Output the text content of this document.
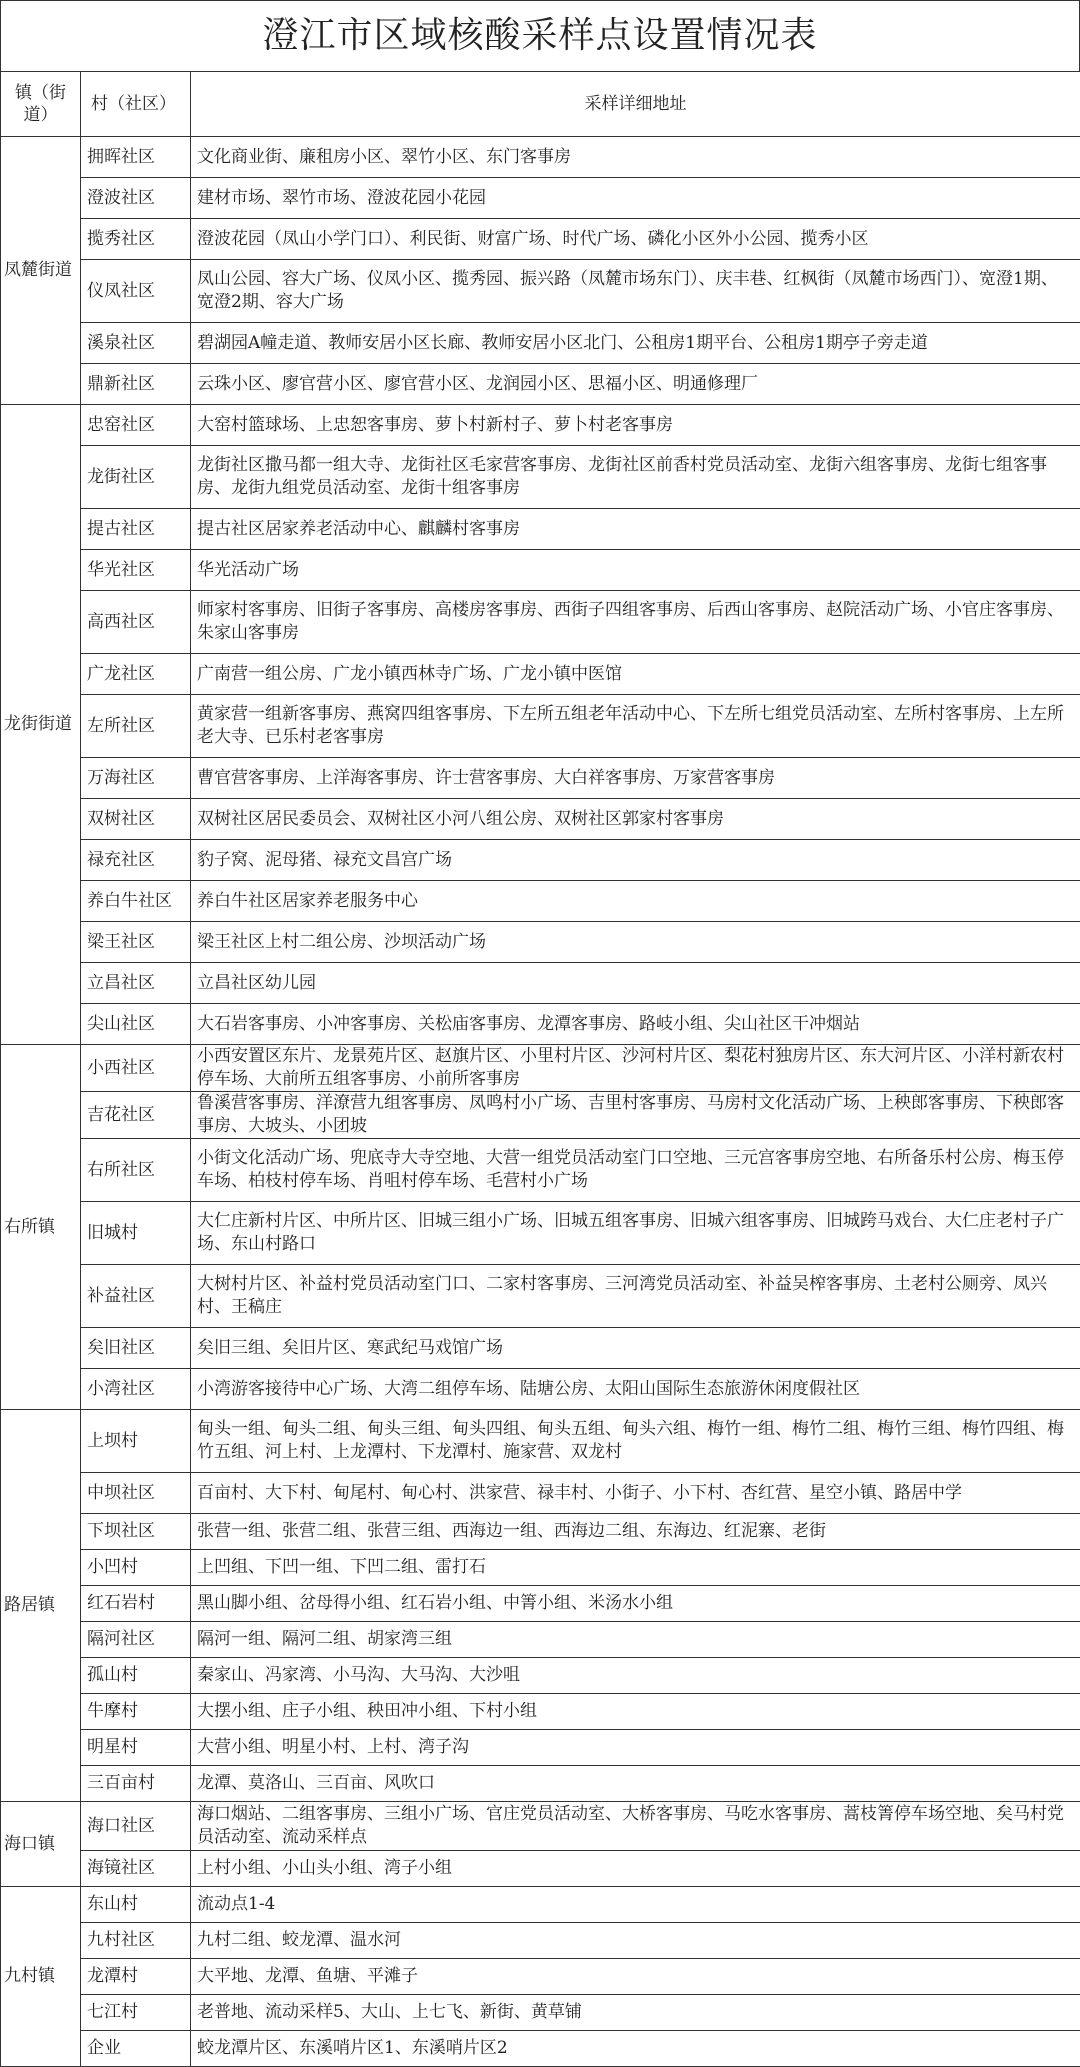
澄江市区域核酸采样点设置情况表
镇（街道）	村（社区）	采样详细地址
凤麓街道	拥晖社区	文化商业街、廉租房小区、翠竹小区、东门客事房
	澄波社区	建材市场、翠竹市场、澄波花园小花园
	揽秀社区	澄波花园（凤山小学门口）、利民街、财富广场、时代广场、磷化小区外小公园、揽秀小区
	仪凤社区	凤山公园、容大广场、仪凤小区、揽秀园、振兴路（凤麓市场东门）、庆丰巷、红枫街（凤麓市场西门）、宽澄1期、宽澄2期、容大广场
	溪泉社区	碧湖园A幢走道、教师安居小区长廊、教师安居小区北门、公租房1期平台、公租房1期亭子旁走道
	鼎新社区	云珠小区、廖官营小区、廖官营小区、龙润园小区、思福小区、明通修理厂
龙街街道	忠窑社区	大窑村篮球场、上忠恕客事房、萝卜村新村子、萝卜村老客事房
	龙街社区	龙街社区撒马都一组大寺、龙街社区毛家营客事房、龙街社区前香村党员活动室、龙街六组客事房、龙街七组客事房、龙街九组党员活动室、龙街十组客事房
	提古社区	提古社区居家养老活动中心、麒麟村客事房
	华光社区	华光活动广场
	高西社区	师家村客事房、旧街子客事房、高楼房客事房、西街子四组客事房、后西山客事房、赵院活动广场、小官庄客事房、朱家山客事房
	广龙社区	广南营一组公房、广龙小镇西林寺广场、广龙小镇中医馆
	左所社区	黄家营一组新客事房、燕窝四组客事房、下左所五组老年活动中心、下左所七组党员活动室、左所村客事房、上左所老大寺、已乐村老客事房
	万海社区	曹官营客事房、上洋海客事房、许士营客事房、大白祥客事房、万家营客事房
	双树社区	双树社区居民委员会、双树社区小河八组公房、双树社区郭家村客事房
	禄充社区	豹子窝、泥母猪、禄充文昌宫广场
	养白牛社区	养白牛社区居家养老服务中心
	梁王社区	梁王社区上村二组公房、沙坝活动广场
	立昌社区	立昌社区幼儿园
	尖山社区	大石岩客事房、小冲客事房、关松庙客事房、龙潭客事房、路岐小组、尖山社区干冲烟站
右所镇	小西社区	小西安置区东片、龙景苑片区、赵旗片区、小里村片区、沙河村片区、梨花村独房片区、东大河片区、小洋村新农村停车场、大前所五组客事房、小前所客事房
	吉花社区	鲁溪营客事房、洋潦营九组客事房、凤鸣村小广场、吉里村客事房、马房村文化活动广场、上秧郎客事房、下秧郎客事房、大坡头、小团坡
	右所社区	小街文化活动广场、兜底寺大寺空地、大营一组党员活动室门口空地、三元宫客事房空地、右所备乐村公房、梅玉停车场、柏枝村停车场、肖咀村停车场、毛营村小广场
	旧城村	大仁庄新村片区、中所片区、旧城三组小广场、旧城五组客事房、旧城六组客事房、旧城跨马戏台、大仁庄老村子广场、东山村路口
	补益社区	大树村片区、补益村党员活动室门口、二家村客事房、三河湾党员活动室、补益吴榨客事房、土老村公厕旁、凤兴村、王稿庄
	矣旧社区	矣旧三组、矣旧片区、寒武纪马戏馆广场
	小湾社区	小湾游客接待中心广场、大湾二组停车场、陆塘公房、太阳山国际生态旅游休闲度假社区
路居镇	上坝村	甸头一组、甸头二组、甸头三组、甸头四组、甸头五组、甸头六组、梅竹一组、梅竹二组、梅竹三组、梅竹四组、梅竹五组、河上村、上龙潭村、下龙潭村、施家营、双龙村
	中坝社区	百亩村、大下村、甸尾村、甸心村、洪家营、禄丰村、小街子、小下村、杏红营、星空小镇、路居中学
	下坝社区	张营一组、张营二组、张营三组、西海边一组、西海边二组、东海边、红泥寨、老街
	小凹村	上凹组、下凹一组、下凹二组、雷打石
	红石岩村	黑山脚小组、岔母得小组、红石岩小组、中箐小组、米汤水小组
	隔河社区	隔河一组、隔河二组、胡家湾三组
	孤山村	秦家山、冯家湾、小马沟、大马沟、大沙咀
	牛摩村	大摆小组、庄子小组、秧田冲小组、下村小组
	明星村	大营小组、明星小村、上村、湾子沟
	三百亩村	龙潭、莫洛山、三百亩、风吹口
海口镇	海口社区	海口烟站、二组客事房、三组小广场、官庄党员活动室、大桥客事房、马吃水客事房、蒿枝箐停车场空地、矣马村党员活动室、流动采样点
	海镜社区	上村小组、小山头小组、湾子小组
九村镇	东山村	流动点1-4
	九村社区	九村二组、蛟龙潭、温水河
	龙潭村	大平地、龙潭、鱼塘、平滩子
	七江村	老普地、流动采样5、大山、上七飞、新街、黄草铺
	企业	蛟龙潭片区、东溪哨片区1、东溪哨片区2
